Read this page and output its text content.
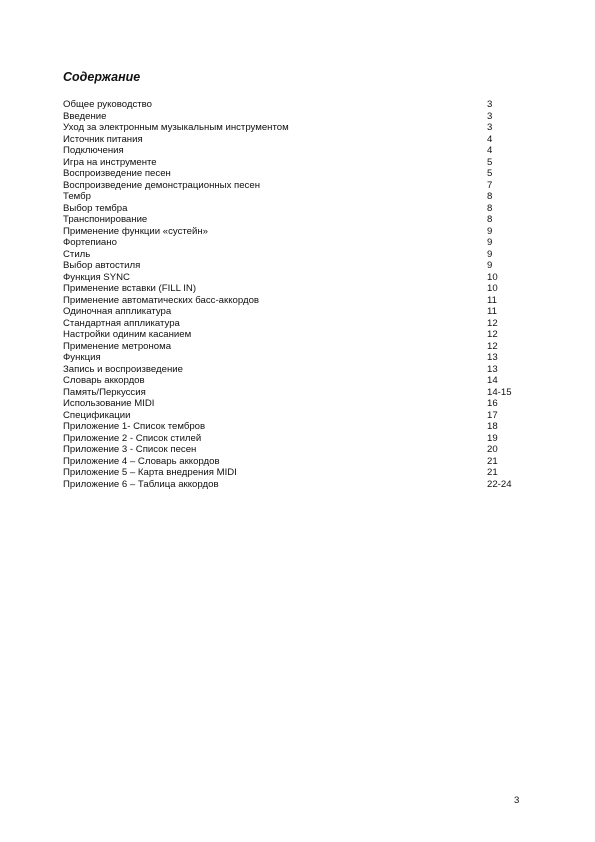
Содержание
Общее руководство	3
Введение	3
Уход за электронным музыкальным инструментом	3
Источник питания	4
Подключения	4
Игра на инструменте	5
Воспроизведение песен	5
Воспроизведение демонстрационных песен	7
Тембр	8
Выбор тембра	8
Транспонирование	8
Применение функции «сустейн»	9
Фортепиано	9
Стиль	9
Выбор автостиля	9
Функция SYNC	10
Применение вставки (FILL IN)	10
Применение автоматических басс-аккордов	11
Одиночная аппликатура	11
Стандартная аппликатура	12
Настройки одиним касанием	12
Применение метронома	12
Функция	13
Запись и воспроизведение	13
Словарь аккордов	14
Память/Перкуссия	14-15
Использование MIDI	16
Спецификации	17
Приложение 1- Список тембров	18
Приложение 2 - Список стилей	19
Приложение 3 - Список песен	20
Приложение 4 – Словарь аккордов	21
Приложение 5 – Карта внедрения MIDI	21
Приложение 6 – Таблица аккордов	22-24
3
